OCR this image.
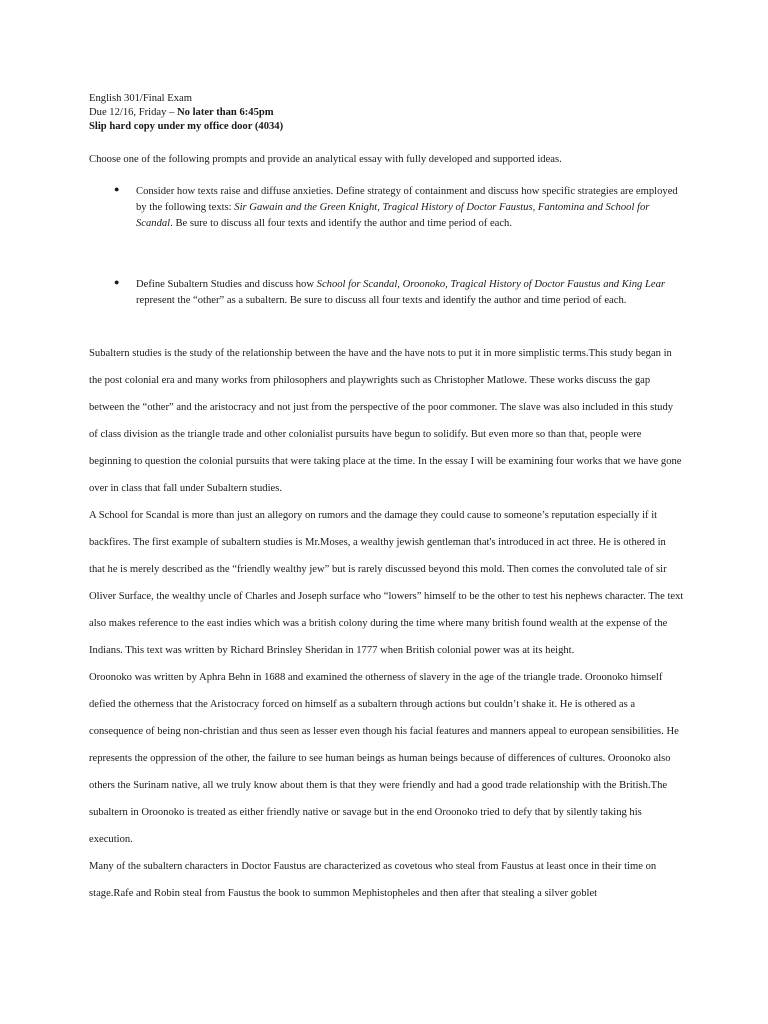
English 301/Final Exam
Due 12/16, Friday – No later than 6:45pm
Slip hard copy under my office door (4034)
Choose one of the following prompts and provide an analytical essay with fully developed and supported ideas.
● Consider how texts raise and diffuse anxieties. Define strategy of containment and discuss how specific strategies are employed by the following texts: Sir Gawain and the Green Knight, Tragical History of Doctor Faustus, Fantomina and School for Scandal. Be sure to discuss all four texts and identify the author and time period of each.
● Define Subaltern Studies and discuss how School for Scandal, Oroonoko, Tragical History of Doctor Faustus and King Lear represent the “other” as a subaltern. Be sure to discuss all four texts and identify the author and time period of each.

Subaltern studies is the study of the relationship between the have and the have nots to put it in more simplistic terms.This study began in the post colonial era and many works from philosophers and playwrights such as Christopher Matlowe. These works discuss the gap between the “other” and the aristocracy and not just from the perspective of the poor commoner. The slave was also included in this study of class division as the triangle trade and other colonialist pursuits have begun to solidify. But even more so than that, people were beginning to question the colonial pursuits that were taking place at the time. In the essay I will be examining four works that we have gone over in class that fall under Subaltern studies.

A School for Scandal is more than just an allegory on rumors and the damage they could cause to someone’s reputation especially if it backfires. The first example of subaltern studies is Mr.Moses, a wealthy jewish gentleman that's introduced in act three. He is othered in that he is merely described as the “friendly wealthy jew” but is rarely discussed beyond this mold. Then comes the convoluted tale of sir Oliver Surface, the wealthy uncle of Charles and Joseph surface who “lowers” himself to be the other to test his nephews character. The text also makes reference to the east indies which was a british colony during the time where many british found wealth at the expense of the Indians. This text was written by Richard Brinsley Sheridan in 1777 when British colonial power was at its height.

Oroonoko was written by Aphra Behn in 1688 and examined the otherness of slavery in the age of the triangle trade. Oroonoko himself defied the otherness that the Aristocracy forced on himself as a subaltern through actions but couldn’t shake it. He is othered as a consequence of being non-christian and thus seen as lesser even though his facial features and manners appeal to european sensibilities. He represents the oppression of the other, the failure to see human beings as human beings because of differences of cultures. Oroonoko also others the Surinam native, all we truly know about them is that they were friendly and had a good trade relationship with the British.The subaltern in Oroonoko is treated as either friendly native or savage but in the end Oroonoko tried to defy that by silently taking his execution.

Many of the subaltern characters in Doctor Faustus are characterized as covetous who steal from Faustus at least once in their time on stage.Rafe and Robin steal from Faustus the book to summon Mephistopheles and then after that stealing a silver goblet
